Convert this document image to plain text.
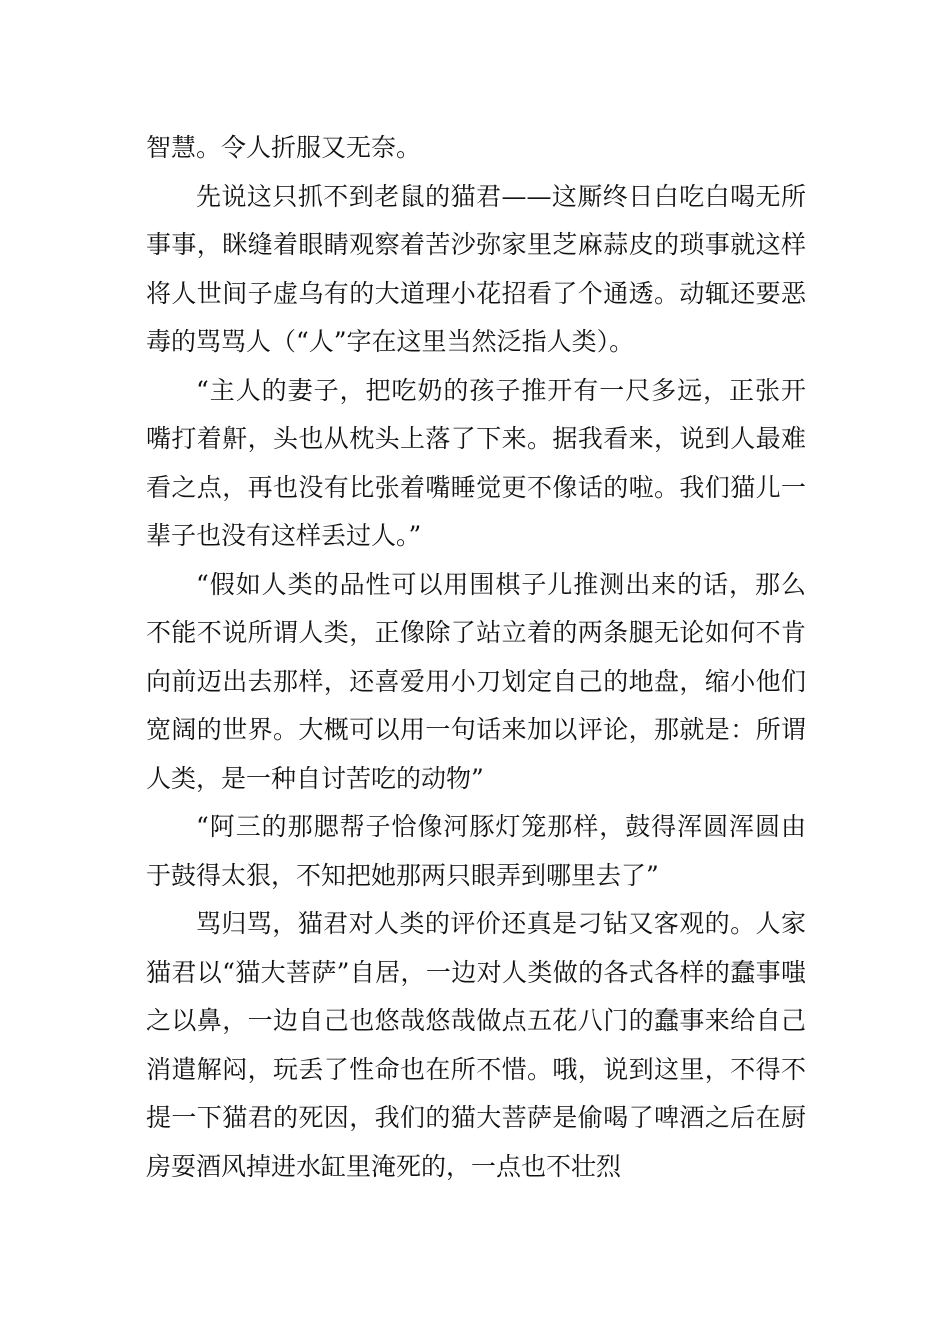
智慧。令人折服又无奈。

先说这只抓不到老鼠的猫君——这厮终日白吃白喝无所事事，眯缝着眼睛观察着苦沙弥家里芝麻蒜皮的琐事就这样将人世间子虚乌有的大道理小花招看了个通透。动辄还要恶毒的骂骂人（“人”字在这里当然泛指人类）。

“主人的妻子，把吃奶的孩子推开有一尺多远，正张开嘴打着鼾，头也从枕头上落了下来。据我看来，说到人最难看之点，再也没有比张着嘴睡觉更不像话的啦。我们猫儿一辈子也没有这样丢过人。”

“假如人类的品性可以用围棋子儿推测出来的话，那么不能不说所谓人类，正像除了站立着的两条腿无论如何不肯向前迈出去那样，还喜爱用小刀划定自己的地盘，缩小他们宽阔的世界。大概可以用一句话来加以评论，那就是：所谓人类，是一种自讨苦吃的动物”

“阿三的那腮帮子恰像河豚灯笼那样，鼓得浑圆浑圆由于鼓得太狠，不知把她那两只眼弄到哪里去了”

骂归骂，猫君对人类的评价还真是刁钻又客观的。人家猫君以“猫大菩萨”自居，一边对人类做的各式各样的蠢事嗤之以鼻，一边自己也悠哉悠哉做点五花八门的蠢事来给自己消遣解闷，玩丢了性命也在所不惜。哦，说到这里，不得不提一下猫君的死因，我们的猫大菩萨是偷喝了啤酒之后在厨房耍酒风掉进水缸里淹死的，一点也不壮烈
